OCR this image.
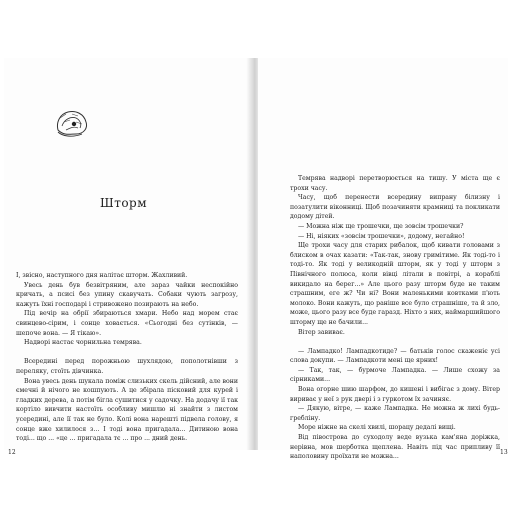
Шторм

І, звісно, наступного дня налітає шторм. Жахливий.

Увесь день був безвітряним, але зараз чайки неспокійно кричать, а псисі без упину скавучать. Собаки чують загрозу, кажуть їхні господарі і стривожено позирають на небо.

Під вечір на обрії збираються хмари. Небо над морем стає свинцево-сірим, і сонце ховається. «Сьогодні без сутінків, — шепоче вона. — Я тікаю».

Надворі настає чорнильна темрява.

Всередині перед порожньою шухлядою, пополотнівши з переляку, стоїть дівчинка.

Вона увесь день шукала поміж слизьких скель дійсний, але вони ємечні й нічого не кошпують. А це збірала пісковий для курей і гладких дерева, а потім бігла сушитися у садочку. На додачу ії так кортіло вивчити настоїть особливу мишлю ні знайти з листом усередині, але її так не було. Колі вона нарешті підвела голову, я сонце вже хилилося з... І тоді вона пригадала... Дитиною вона тоді... що ... «це ... пригадала тє ... про ... дний день.

12

Темрява надворі перетворюється на тишу. У міста ще є трохи часу.

Часу, щоб перенести всередину випрану білизну і позатулити віконниці. Щоб позачиняти крамниці та покликати додому дітей.

— Можна ніж ще трошечки, ще зовсім трошечки?

— Ні, ніяких «зовсім трошечки», додому, негайно!

Ще трохи часу для старих рибалок, щоб кивати головами з блиском в очах казати: «Так-так, знову гримітиме. Як тоді-то і тоді-то. Як тоді у великодній шторм, як у тоді у шторм з Північного полюса, коли вівці літали в повітрі, а кораблі викидало на берег...» Але цього разу шторм буде не таким страшним, еге ж? Чи ні? Вони маленькими ковтками п'ють молоко. Вони кажуть, що раніше все було страшніше, та й зло, може, цього разу все буде гаразд. Ніхто з них, наймаршийшого шторму ще не бачили...

Вітер завиває.

— Лампадко! Лампадкотиде? — батьків голос скаженіє усі слова докупи. — Лампадкоти мені ще ярних!

— Так, так, — бурмоче Лампадка. — Лише схожу за сірниками...

Вона огорне шию шарфом, до кишені і вибігає з дому. Вітер вириває у неї з рук двері і з гуркотом їх зачиняє.

— Дякую, вітре, — каже Лампадка. Не можна ж лихі будь-гребліну.

Море ніжне на скелі хвилі, шорацу дедалі вищі.

Від півострова до суходолу веде вузька кам'яна доріжка, нерівна, мов шерботка щеплена. Навіть під час припливу її наполовину проїхати не можна...

13
